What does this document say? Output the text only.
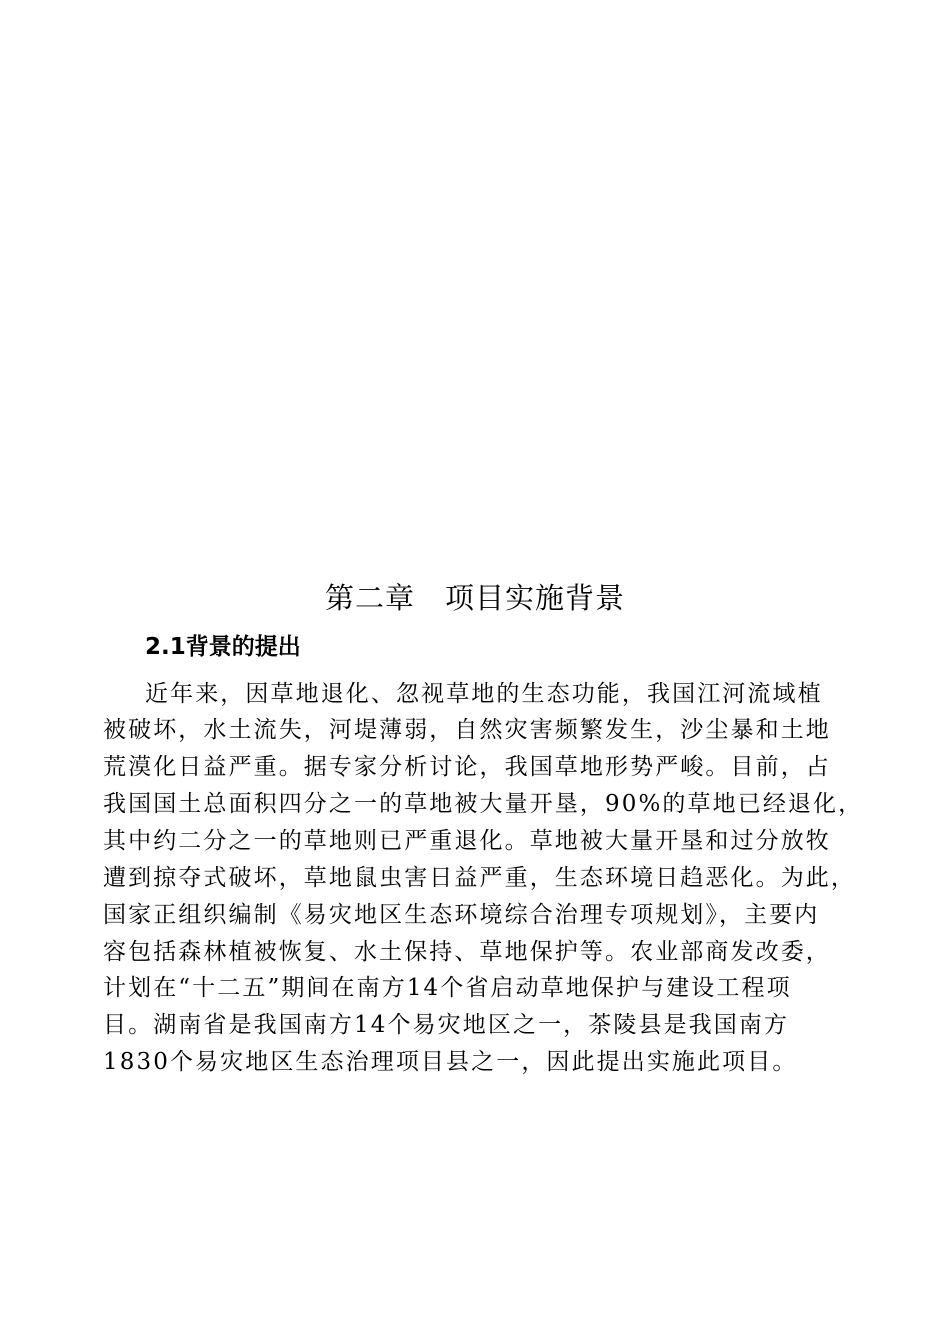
第二章　项目实施背景
2.1背景的提出
近年来，因草地退化、忽视草地的生态功能，我国江河流域植
被破坏，水土流失，河堤薄弱，自然灾害频繁发生，沙尘暴和土地
荒漠化日益严重。据专家分析讨论，我国草地形势严峻。目前，占
我国国土总面积四分之一的草地被大量开垦，90%的草地已经退化，
其中约二分之一的草地则已严重退化。草地被大量开垦和过分放牧
遭到掠夺式破坏，草地鼠虫害日益严重，生态环境日趋恶化。为此，
国家正组织编制《易灾地区生态环境综合治理专项规划》，主要内
容包括森林植被恢复、水土保持、草地保护等。农业部商发改委，
计划在“十二五”期间在南方14个省启动草地保护与建设工程项
目。湖南省是我国南方14个易灾地区之一，茶陵县是我国南方
1830个易灾地区生态治理项目县之一，因此提出实施此项目。
